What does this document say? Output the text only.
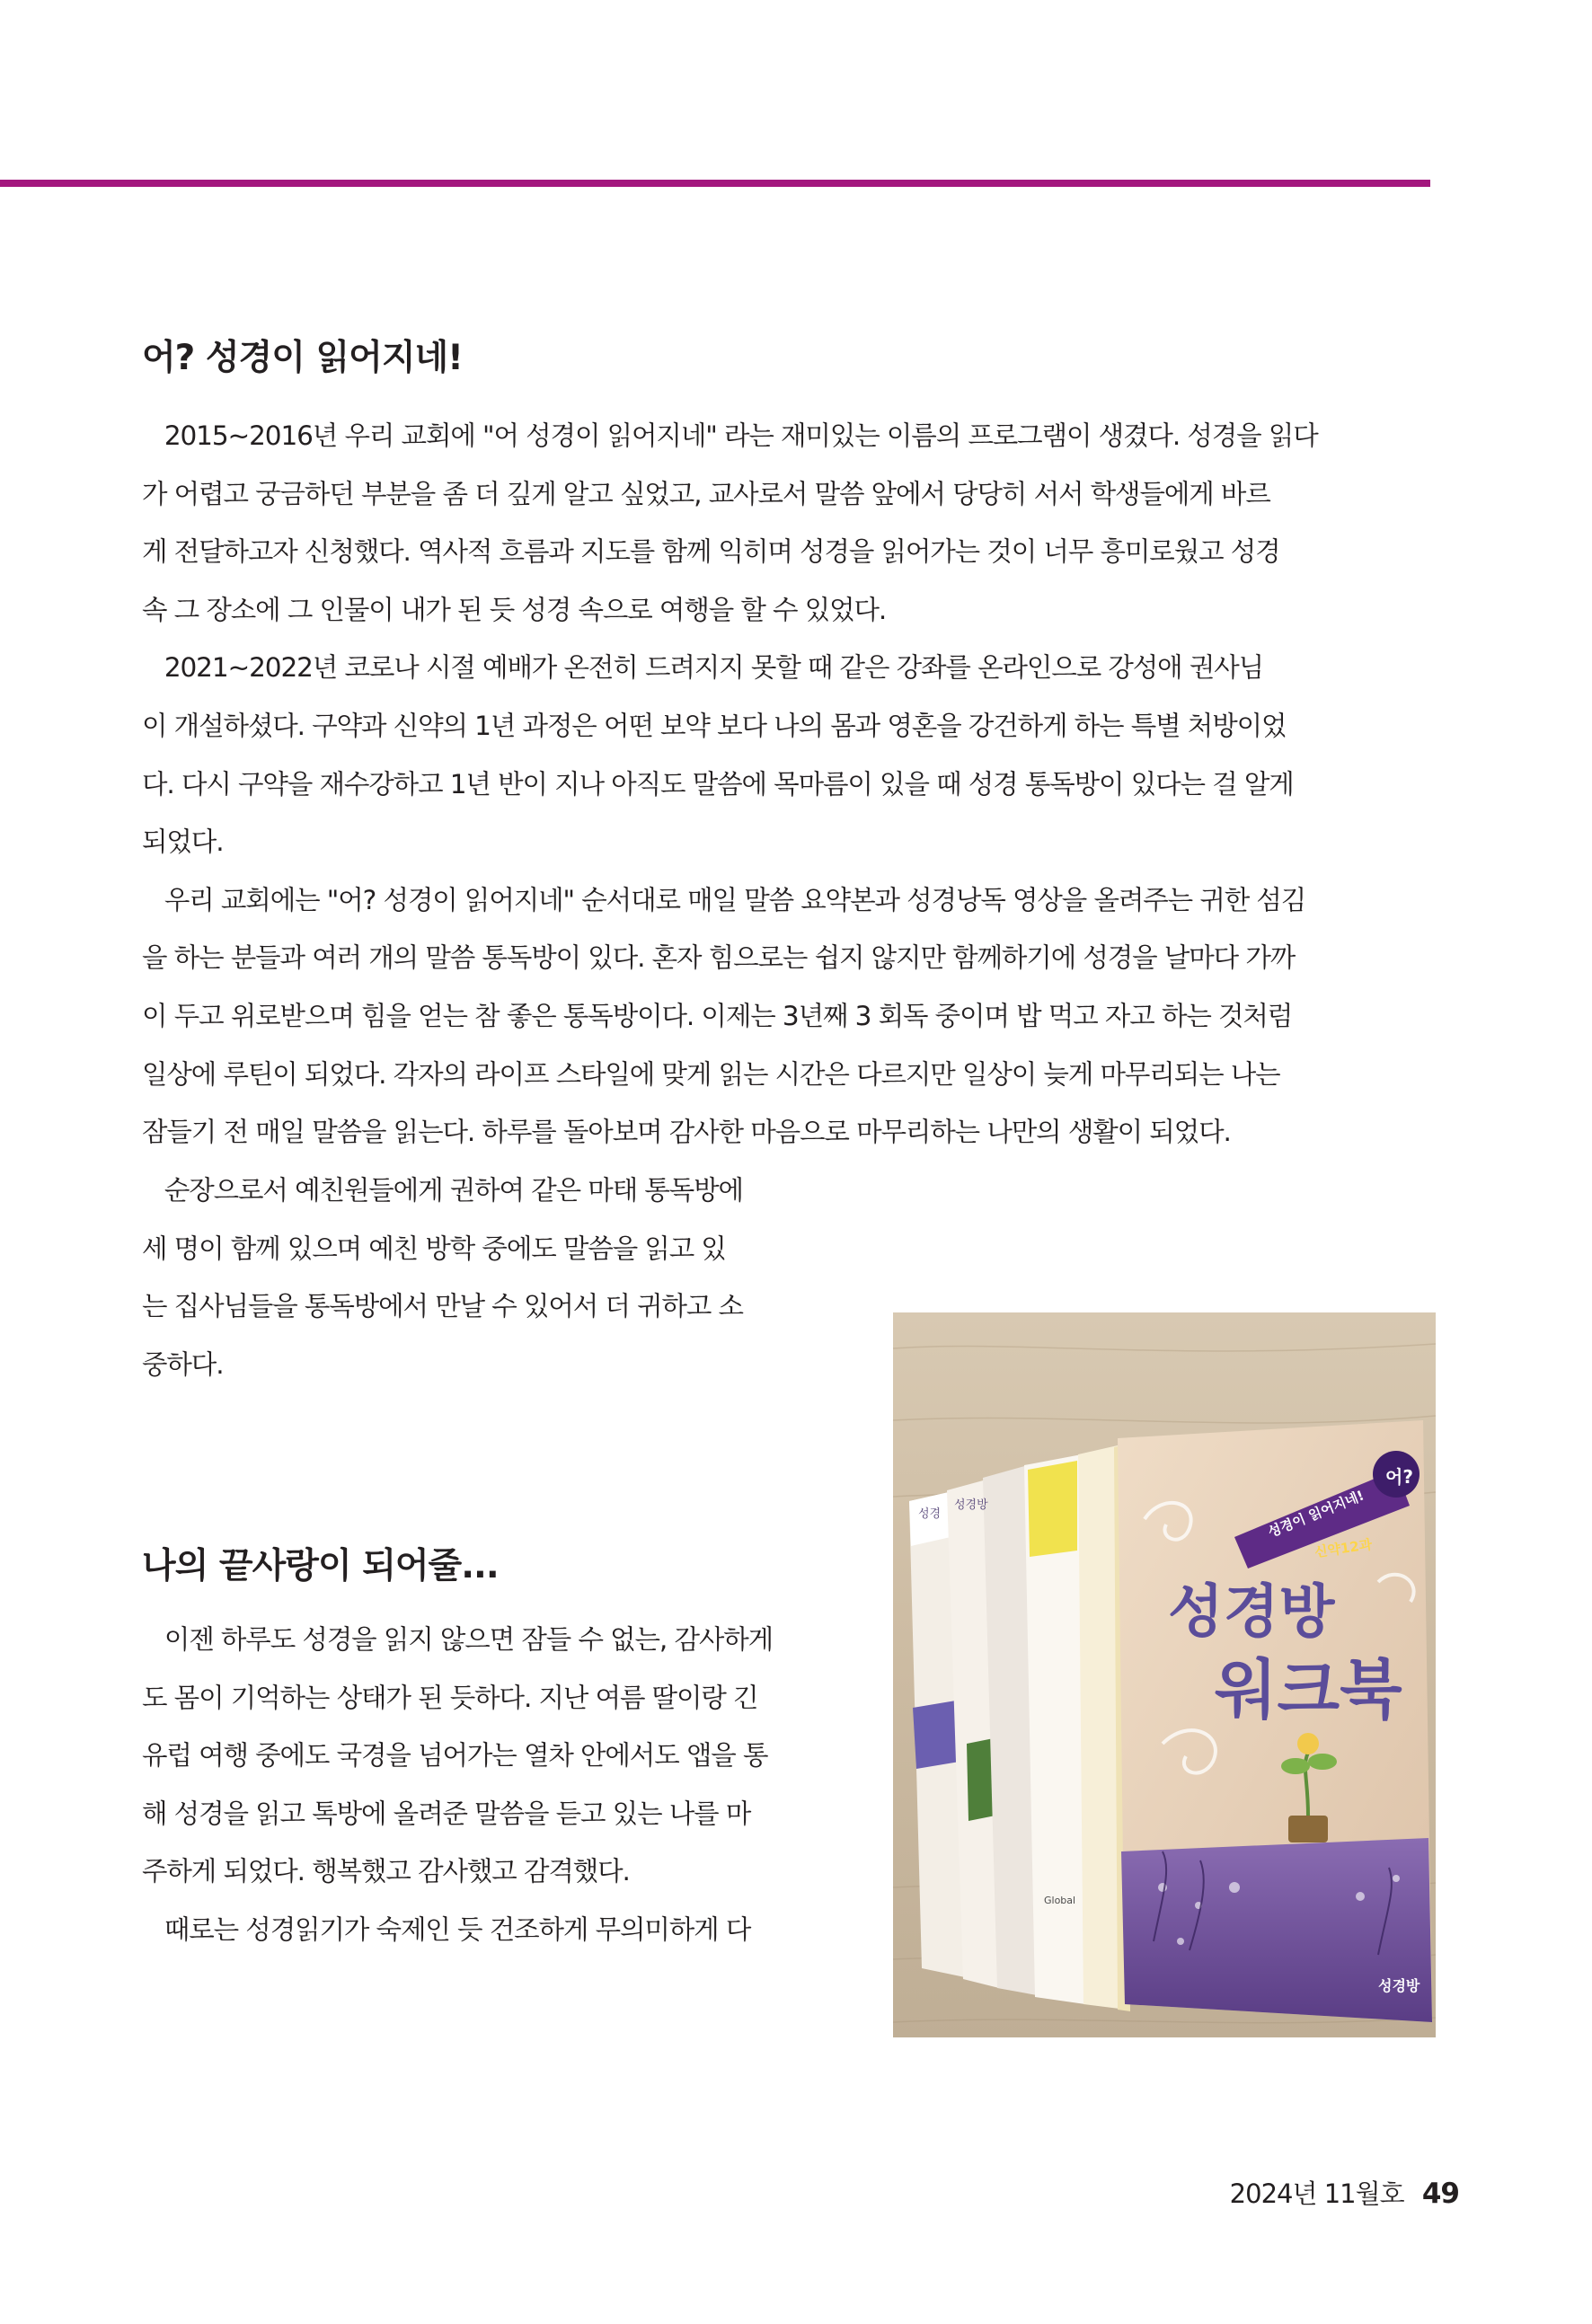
어? 성경이 읽어지네!
2015~2016년 우리 교회에 "어 성경이 읽어지네" 라는 재미있는 이름의 프로그램이 생겼다. 성경을 읽다
가 어렵고 궁금하던 부분을 좀 더 깊게 알고 싶었고, 교사로서 말씀 앞에서 당당히 서서 학생들에게 바르
게 전달하고자 신청했다. 역사적 흐름과 지도를 함께 익히며 성경을 읽어가는 것이 너무 흥미로웠고 성경
속 그 장소에 그 인물이 내가 된 듯 성경 속으로 여행을 할 수 있었다.
2021~2022년 코로나 시절 예배가 온전히 드려지지 못할 때 같은 강좌를 온라인으로 강성애 권사님
이 개설하셨다. 구약과 신약의 1년 과정은 어떤 보약 보다 나의 몸과 영혼을 강건하게 하는 특별 처방이었
다. 다시 구약을 재수강하고 1년 반이 지나 아직도 말씀에 목마름이 있을 때 성경 통독방이 있다는 걸 알게
되었다.
우리 교회에는 "어? 성경이 읽어지네" 순서대로 매일 말씀 요약본과 성경낭독 영상을 올려주는 귀한 섬김
을 하는 분들과 여러 개의 말씀 통독방이 있다. 혼자 힘으로는 쉽지 않지만 함께하기에 성경을 날마다 가까
이 두고 위로받으며 힘을 얻는 참 좋은 통독방이다. 이제는 3년째 3 회독 중이며 밥 먹고 자고 하는 것처럼
일상에 루틴이 되었다. 각자의 라이프 스타일에 맞게 읽는 시간은 다르지만 일상이 늦게 마무리되는 나는
잠들기 전 매일 말씀을 읽는다. 하루를 돌아보며 감사한 마음으로 마무리하는 나만의 생활이 되었다.
순장으로서 예친원들에게 권하여 같은 마태 통독방에
세 명이 함께 있으며 예친 방학 중에도 말씀을 읽고 있
는 집사님들을 통독방에서 만날 수 있어서 더 귀하고 소
중하다.
나의 끝사랑이 되어줄...
이젠 하루도 성경을 읽지 않으면 잠들 수 없는, 감사하게
도 몸이 기억하는 상태가 된 듯하다. 지난 여름 딸이랑 긴
유럽 여행 중에도 국경을 넘어가는 열차 안에서도 앱을 통
해 성경을 읽고 톡방에 올려준 말씀을 듣고 있는 나를 마
주하게 되었다. 행복했고 감사했고 감격했다.
때로는 성경읽기가 숙제인 듯 건조하게 무의미하게 다
성경
성경방
Global
어?
성경이 읽어지네!
신약12과
성경방
워크북
성경방
2024년 11월호 49
